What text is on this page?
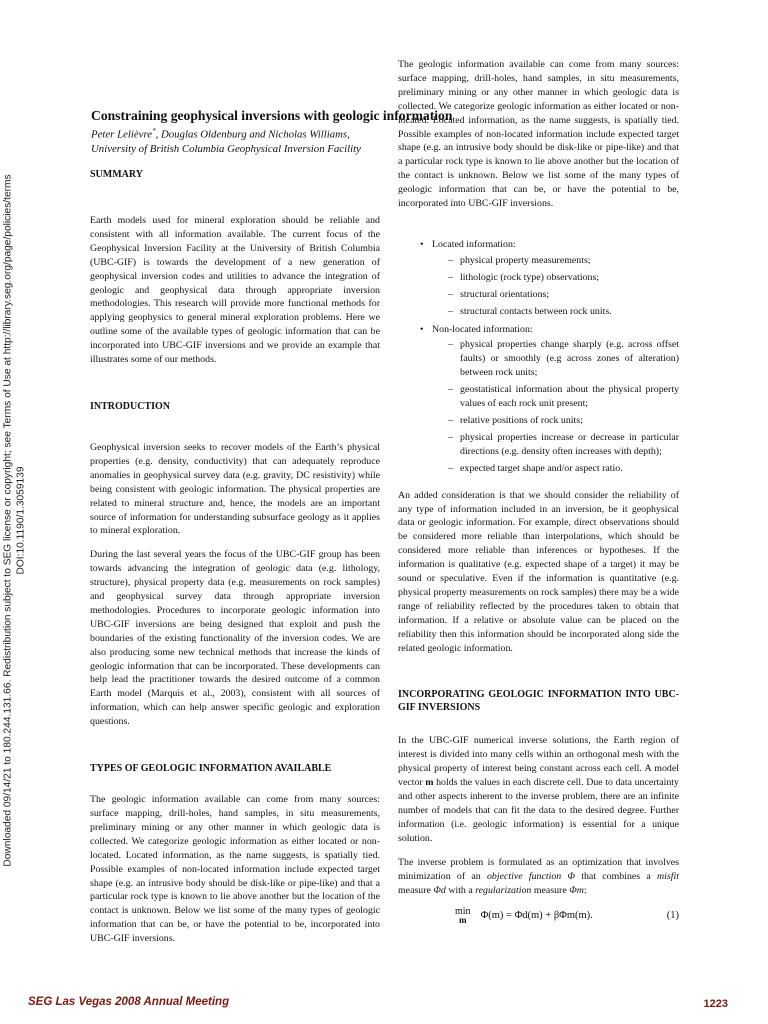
Downloaded 09/14/21 to 180.244.131.66. Redistribution subject to SEG license or copyright; see Terms of Use at http://library.seg.org/page/policies/terms DOI:10.1190/1.3059139
Constraining geophysical inversions with geologic information
Peter Lelièvre*, Douglas Oldenburg and Nicholas Williams,
University of British Columbia Geophysical Inversion Facility
SUMMARY

Earth models used for mineral exploration should be reliable and consistent with all information available. The current focus of the Geophysical Inversion Facility at the University of British Columbia (UBC-GIF) is towards the development of a new generation of geophysical inversion codes and utilities to advance the integration of geologic and geophysical data through appropriate inversion methodologies. This research will provide more functional methods for applying geophysics to general mineral exploration problems. Here we outline some of the available types of geologic information that can be incorporated into UBC-GIF inversions and we provide an example that illustrates some of our methods.

INTRODUCTION

Geophysical inversion seeks to recover models of the Earth’s physical properties (e.g. density, conductivity) that can adequately reproduce anomalies in geophysical survey data (e.g. gravity, DC resistivity) while being consistent with geologic information. The physical properties are related to mineral structure and, hence, the models are an important source of information for understanding subsurface geology as it applies to mineral exploration.

During the last several years the focus of the UBC-GIF group has been towards advancing the integration of geologic data (e.g. lithology, structure), physical property data (e.g. measurements on rock samples) and geophysical survey data through appropriate inversion methodologies. Procedures to incorporate geologic information into UBC-GIF inversions are being designed that exploit and push the boundaries of the existing functionality of the inversion codes. We are also producing some new technical methods that increase the kinds of geologic information that can be incorporated. These developments can help lead the practitioner towards the desired outcome of a common Earth model (Marquis et al., 2003), consistent with all sources of information, which can help answer specific geologic and exploration questions.

TYPES OF GEOLOGIC INFORMATION AVAILABLE

The geologic information available can come from many sources: surface mapping, drill-holes, hand samples, in situ measurements, preliminary mining or any other manner in which geologic data is collected. We categorize geologic information as either located or non-located. Located information, as the name suggests, is spatially tied. Possible examples of non-located information include expected target shape (e.g. an intrusive body should be disk-like or pipe-like) and that a particular rock type is known to lie above another but the location of the contact is unknown. Below we list some of the many types of geologic information that can be, or have the potential to be, incorporated into UBC-GIF inversions.

The geologic information available can come from many sources: surface mapping, drill-holes, hand samples, in situ measurements, preliminary mining or any other manner in which geologic data is collected. We categorize geologic information as either located or non-located. Located information, as the name suggests, is spatially tied. Possible examples of non-located information include expected target shape (e.g. an intrusive body should be disk-like or pipe-like) and that a particular rock type is known to lie above another but the location of the contact is unknown. Below we list some of the many types of geologic information that can be, or have the potential to be, incorporated into UBC-GIF inversions.

• Located information:
– physical property measurements;
– lithologic (rock type) observations;
– structural orientations;
– structural contacts between rock units.
• Non-located information:
– physical properties change sharply (e.g. across offset faults) or smoothly (e.g across zones of alteration) between rock units;
– geostatistical information about the physical property values of each rock unit present;
– relative positions of rock units;
– physical properties increase or decrease in particular directions (e.g. density often increases with depth);
– expected target shape and/or aspect ratio.

An added consideration is that we should consider the reliability of any type of information included in an inversion, be it geophysical data or geologic information. For example, direct observations should be considered more reliable than interpolations, which should be considered more reliable than inferences or hypotheses. If the information is qualitative (e.g. expected shape of a target) it may be sound or speculative. Even if the information is quantitative (e.g. physical property measurements on rock samples) there may be a wide range of reliability reflected by the procedures taken to obtain that information. If a relative or absolute value can be placed on the reliability then this information should be incorporated along side the related geologic information.

INCORPORATING GEOLOGIC INFORMATION INTO UBC-GIF INVERSIONS

In the UBC-GIF numerical inverse solutions, the Earth region of interest is divided into many cells within an orthogonal mesh with the physical property of interest being constant across each cell. A model vector m holds the values in each discrete cell. Due to data uncertainty and other aspects inherent to the inverse problem, there are an infinite number of models that can fit the data to the desired degree. Further information (i.e. geologic information) is essential for a unique solution.

The inverse problem is formulated as an optimization that involves minimization of an objective function Φ that combines a misfit measure Φd with a regularization measure Φm:

min
m Φ(m) = Φd(m) + βΦm(m).	(1)
SEG Las Vegas 2008 Annual Meeting	1223
